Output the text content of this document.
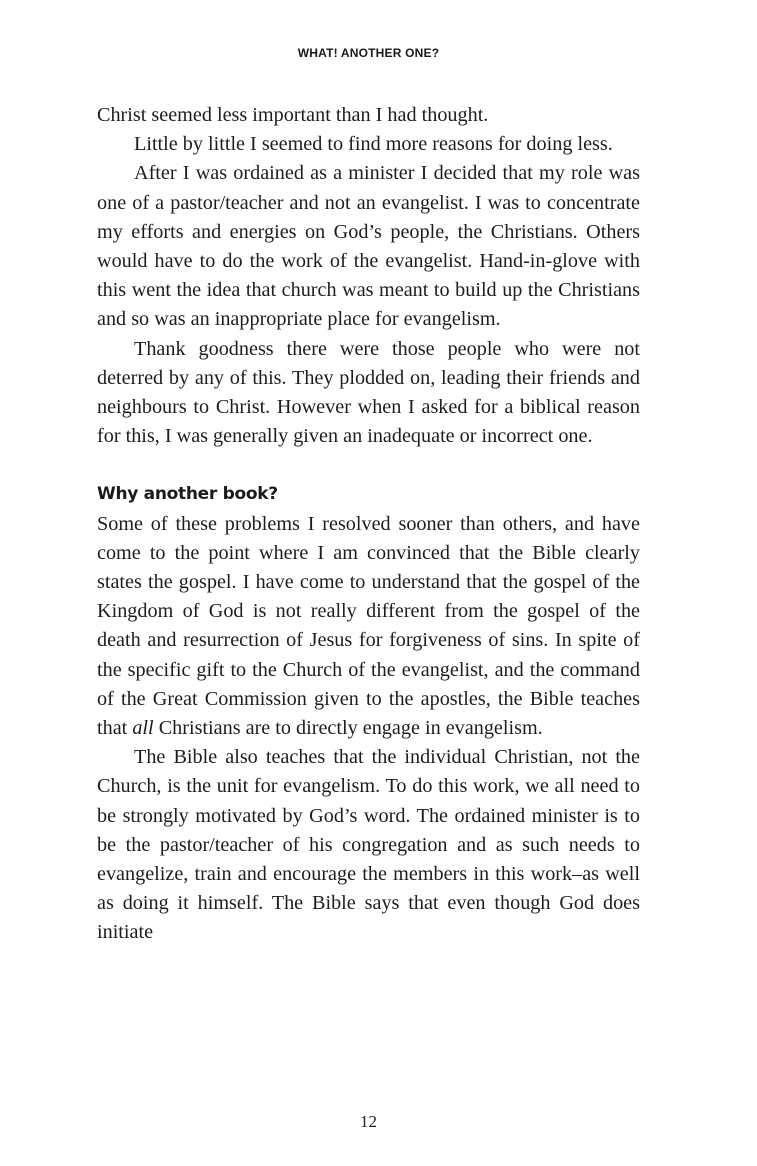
WHAT! ANOTHER ONE?

Christ seemed less important than I had thought.

Little by little I seemed to find more reasons for doing less.

After I was ordained as a minister I decided that my role was one of a pastor/teacher and not an evangelist. I was to concentrate my efforts and energies on God’s people, the Christians. Others would have to do the work of the evangelist. Hand-in-glove with this went the idea that church was meant to build up the Christians and so was an inappropriate place for evangelism.

Thank goodness there were those people who were not deterred by any of this. They plodded on, leading their friends and neighbours to Christ. However when I asked for a biblical reason for this, I was generally given an inadequate or incorrect one.

Why another book?

Some of these problems I resolved sooner than others, and have come to the point where I am convinced that the Bible clearly states the gospel. I have come to understand that the gospel of the Kingdom of God is not really different from the gospel of the death and resurrection of Jesus for forgiveness of sins. In spite of the specific gift to the Church of the evangelist, and the command of the Great Commission given to the apostles, the Bible teaches that all Christians are to directly engage in evangelism.

The Bible also teaches that the individual Christian, not the Church, is the unit for evangelism. To do this work, we all need to be strongly motivated by God’s word. The ordained minister is to be the pastor/teacher of his congregation and as such needs to evangelize, train and encourage the members in this work–as well as doing it himself. The Bible says that even though God does initiate

12
